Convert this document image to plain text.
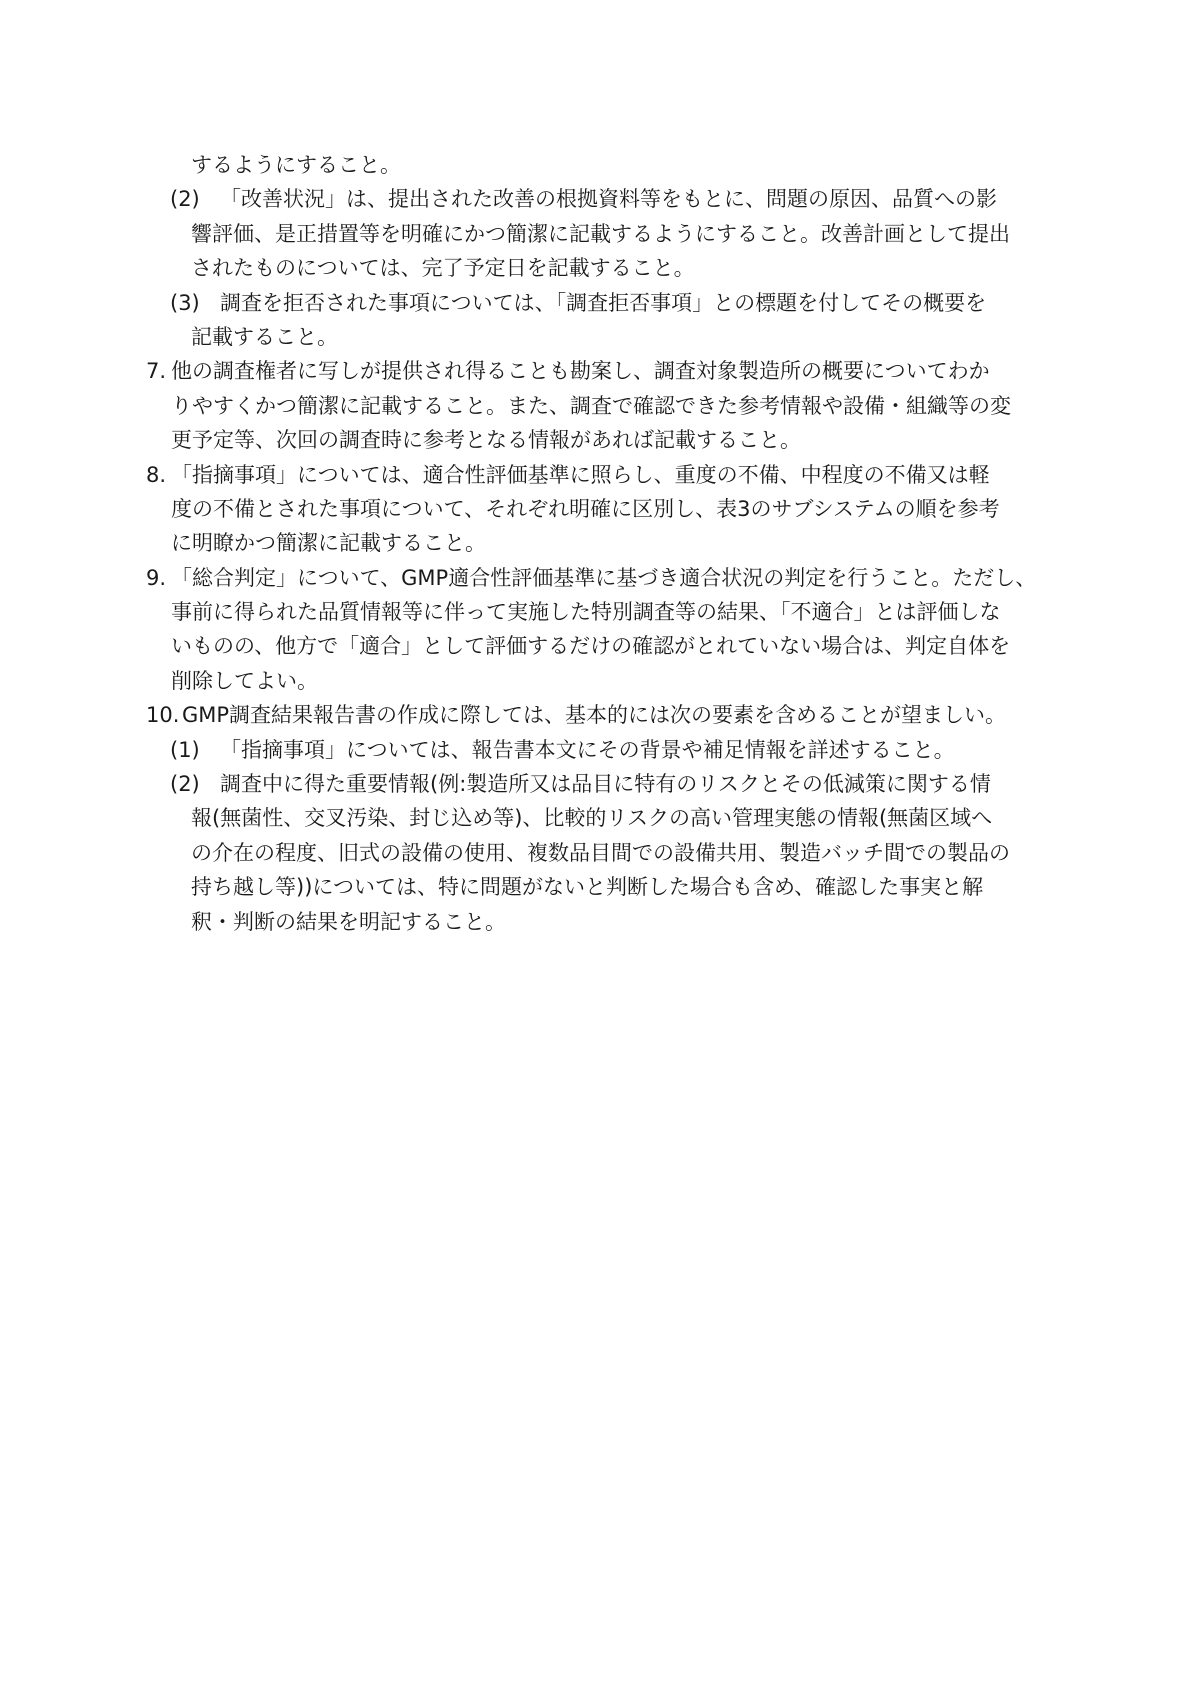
するようにすること。
(2) 「改善状況」は、提出された改善の根拠資料等をもとに、問題の原因、品質への影
響評価、是正措置等を明確にかつ簡潔に記載するようにすること。改善計画として提出
されたものについては、完了予定日を記載すること。
(3) 調査を拒否された事項については、「調査拒否事項」との標題を付してその概要を
記載すること。
7. 他の調査権者に写しが提供され得ることも勘案し、調査対象製造所の概要についてわか
りやすくかつ簡潔に記載すること。また、調査で確認できた参考情報や設備・組織等の変
更予定等、次回の調査時に参考となる情報があれば記載すること。
8. 「指摘事項」については、適合性評価基準に照らし、重度の不備、中程度の不備又は軽
度の不備とされた事項について、それぞれ明確に区別し、表3のサブシステムの順を参考
に明瞭かつ簡潔に記載すること。
9. 「総合判定」について、GMP適合性評価基準に基づき適合状況の判定を行うこと。ただし、
事前に得られた品質情報等に伴って実施した特別調査等の結果、「不適合」とは評価しな
いものの、他方で「適合」として評価するだけの確認がとれていない場合は、判定自体を
削除してよい。
10. GMP調査結果報告書の作成に際しては、基本的には次の要素を含めることが望ましい。
(1) 「指摘事項」については、報告書本文にその背景や補足情報を詳述すること。
(2) 調査中に得た重要情報(例:製造所又は品目に特有のリスクとその低減策に関する情
報(無菌性、交叉汚染、封じ込め等)、比較的リスクの高い管理実態の情報(無菌区域へ
の介在の程度、旧式の設備の使用、複数品目間での設備共用、製造バッチ間での製品の
持ち越し等))については、特に問題がないと判断した場合も含め、確認した事実と解
釈・判断の結果を明記すること。
